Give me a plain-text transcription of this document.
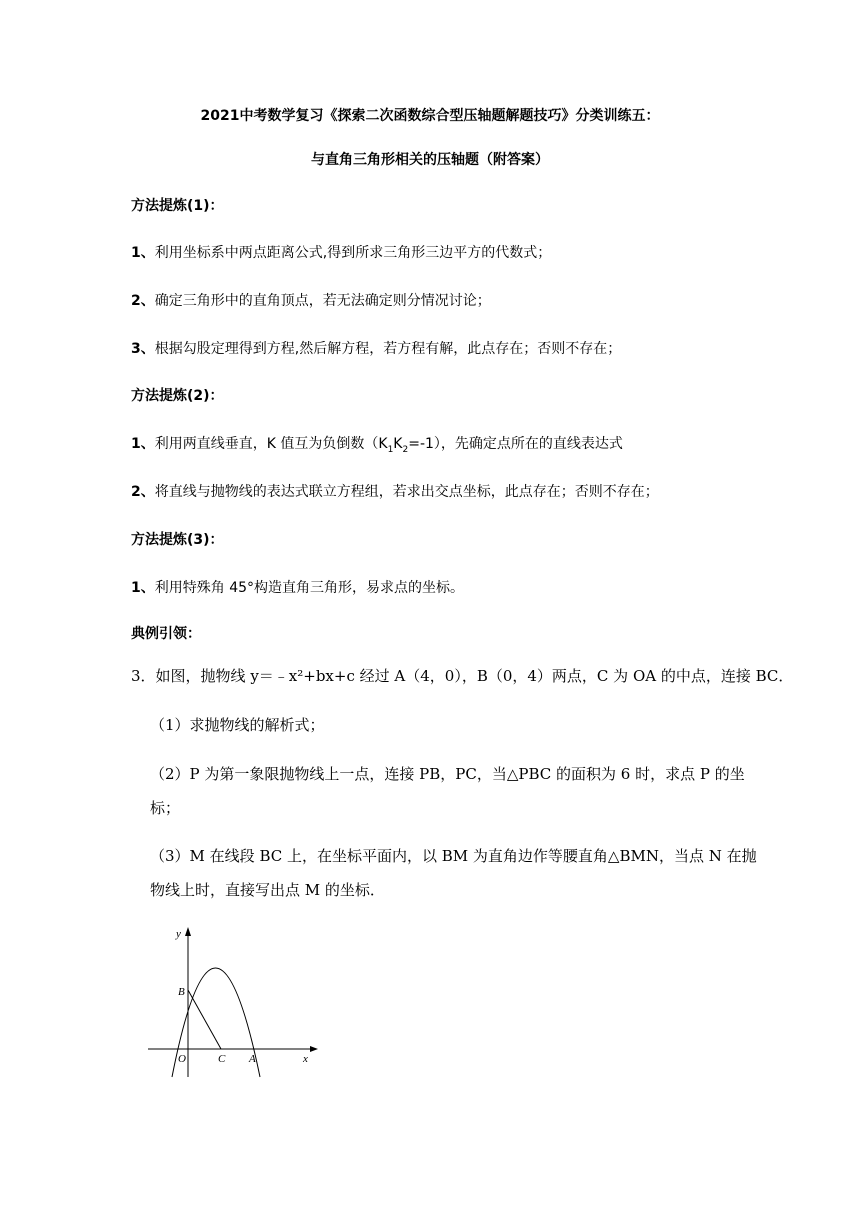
2021中考数学复习《探索二次函数综合型压轴题解题技巧》分类训练五：
与直角三角形相关的压轴题（附答案）
方法提炼(1)：
1、利用坐标系中两点距离公式,得到所求三角形三边平方的代数式；
2、确定三角形中的直角顶点，若无法确定则分情况讨论；
3、根据勾股定理得到方程,然后解方程，若方程有解，此点存在；否则不存在；
方法提炼(2)：
1、利用两直线垂直，K 值互为负倒数$(K_1K_2=-1)$，先确定点所在的直线表达式
2、将直线与抛物线的表达式联立方程组，若求出交点坐标，此点存在；否则不存在；
方法提炼(3)：
1、利用特殊角 45°构造直角三角形，易求点的坐标。
典例引领：
3．如图，抛物线 y＝﹣x²+bx+c 经过 A（4，0），B（0，4）两点，C 为 OA 的中点，连接 BC．
（1）求抛物线的解析式；
（2）P 为第一象限抛物线上一点，连接 PB，PC，当△PBC 的面积为 6 时，求点 P 的坐
标；
（3）M 在线段 BC 上，在坐标平面内，以 BM 为直角边作等腰直角△BMN，当点 N 在抛
物线上时，直接写出点 M 的坐标．
y
x
O
B
C A
